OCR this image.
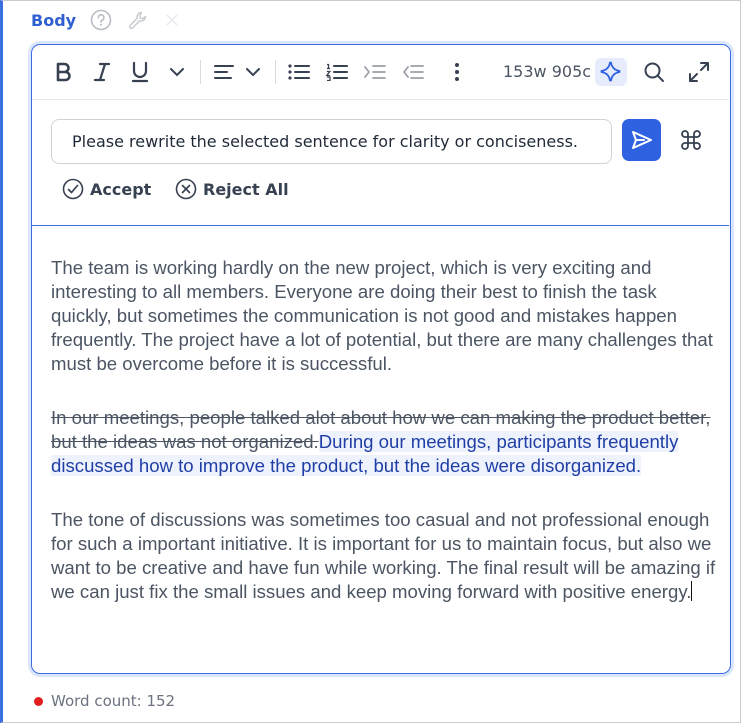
Body
153w 905c
Please rewrite the selected sentence for clarity or conciseness.
Accept	Reject All

The team is working hardly on the new project, which is very exciting and interesting to all members. Everyone are doing their best to finish the task quickly, but sometimes the communication is not good and mistakes happen frequently. The project have a lot of potential, but there are many challenges that must be overcome before it is successful.

In our meetings, people talked alot about how we can making the product better, but the ideas was not organized.During our meetings, participants frequently discussed how to improve the product, but the ideas were disorganized.

The tone of discussions was sometimes too casual and not professional enough for such a important initiative. It is important for us to maintain focus, but also we want to be creative and have fun while working. The final result will be amazing if we can just fix the small issues and keep moving forward with positive energy.

Word count: 152
